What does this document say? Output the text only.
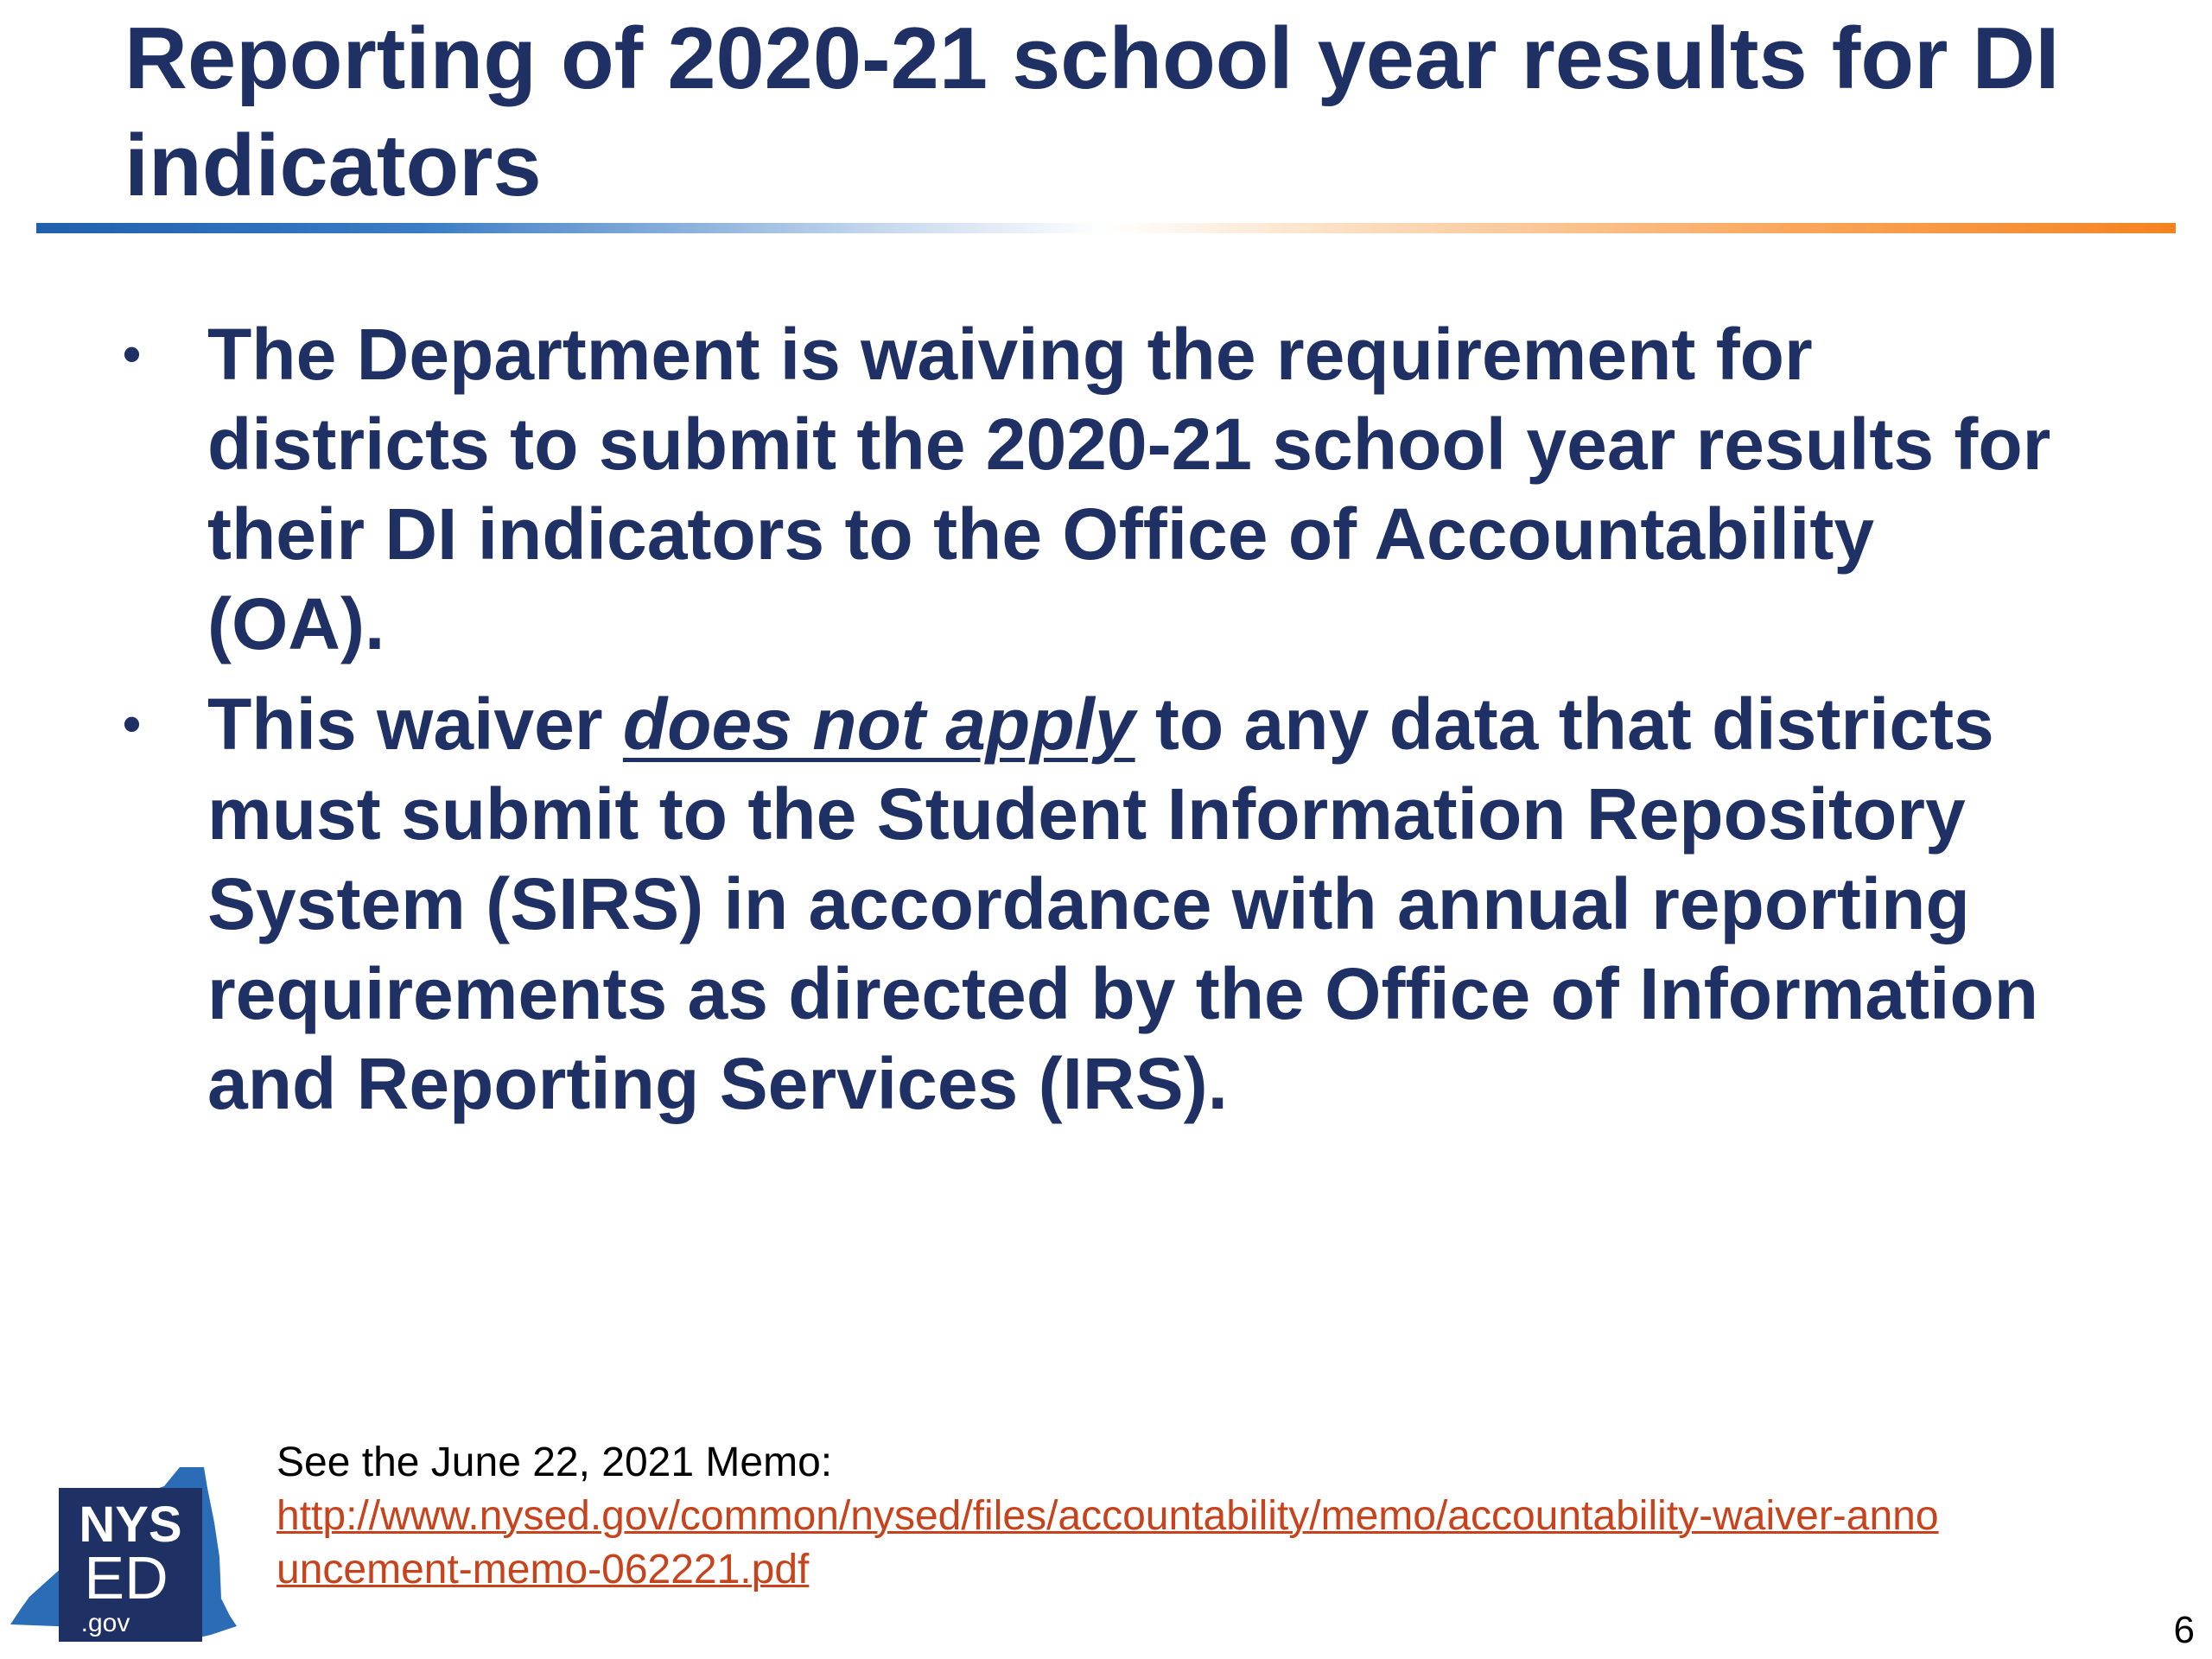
Reporting of 2020-21 school year results for DI indicators
• The Department is waiving the requirement for districts to submit the 2020-21 school year results for their DI indicators to the Office of Accountability (OA).
• This waiver does not apply to any data that districts must submit to the Student Information Repository System (SIRS) in accordance with annual reporting requirements as directed by the Office of Information and Reporting Services (IRS).
NYS
ED
.gov
See the June 22, 2021 Memo:
http://www.nysed.gov/common/nysed/files/accountability/memo/accountability-waiver-announcement-memo-062221.pdf
6
